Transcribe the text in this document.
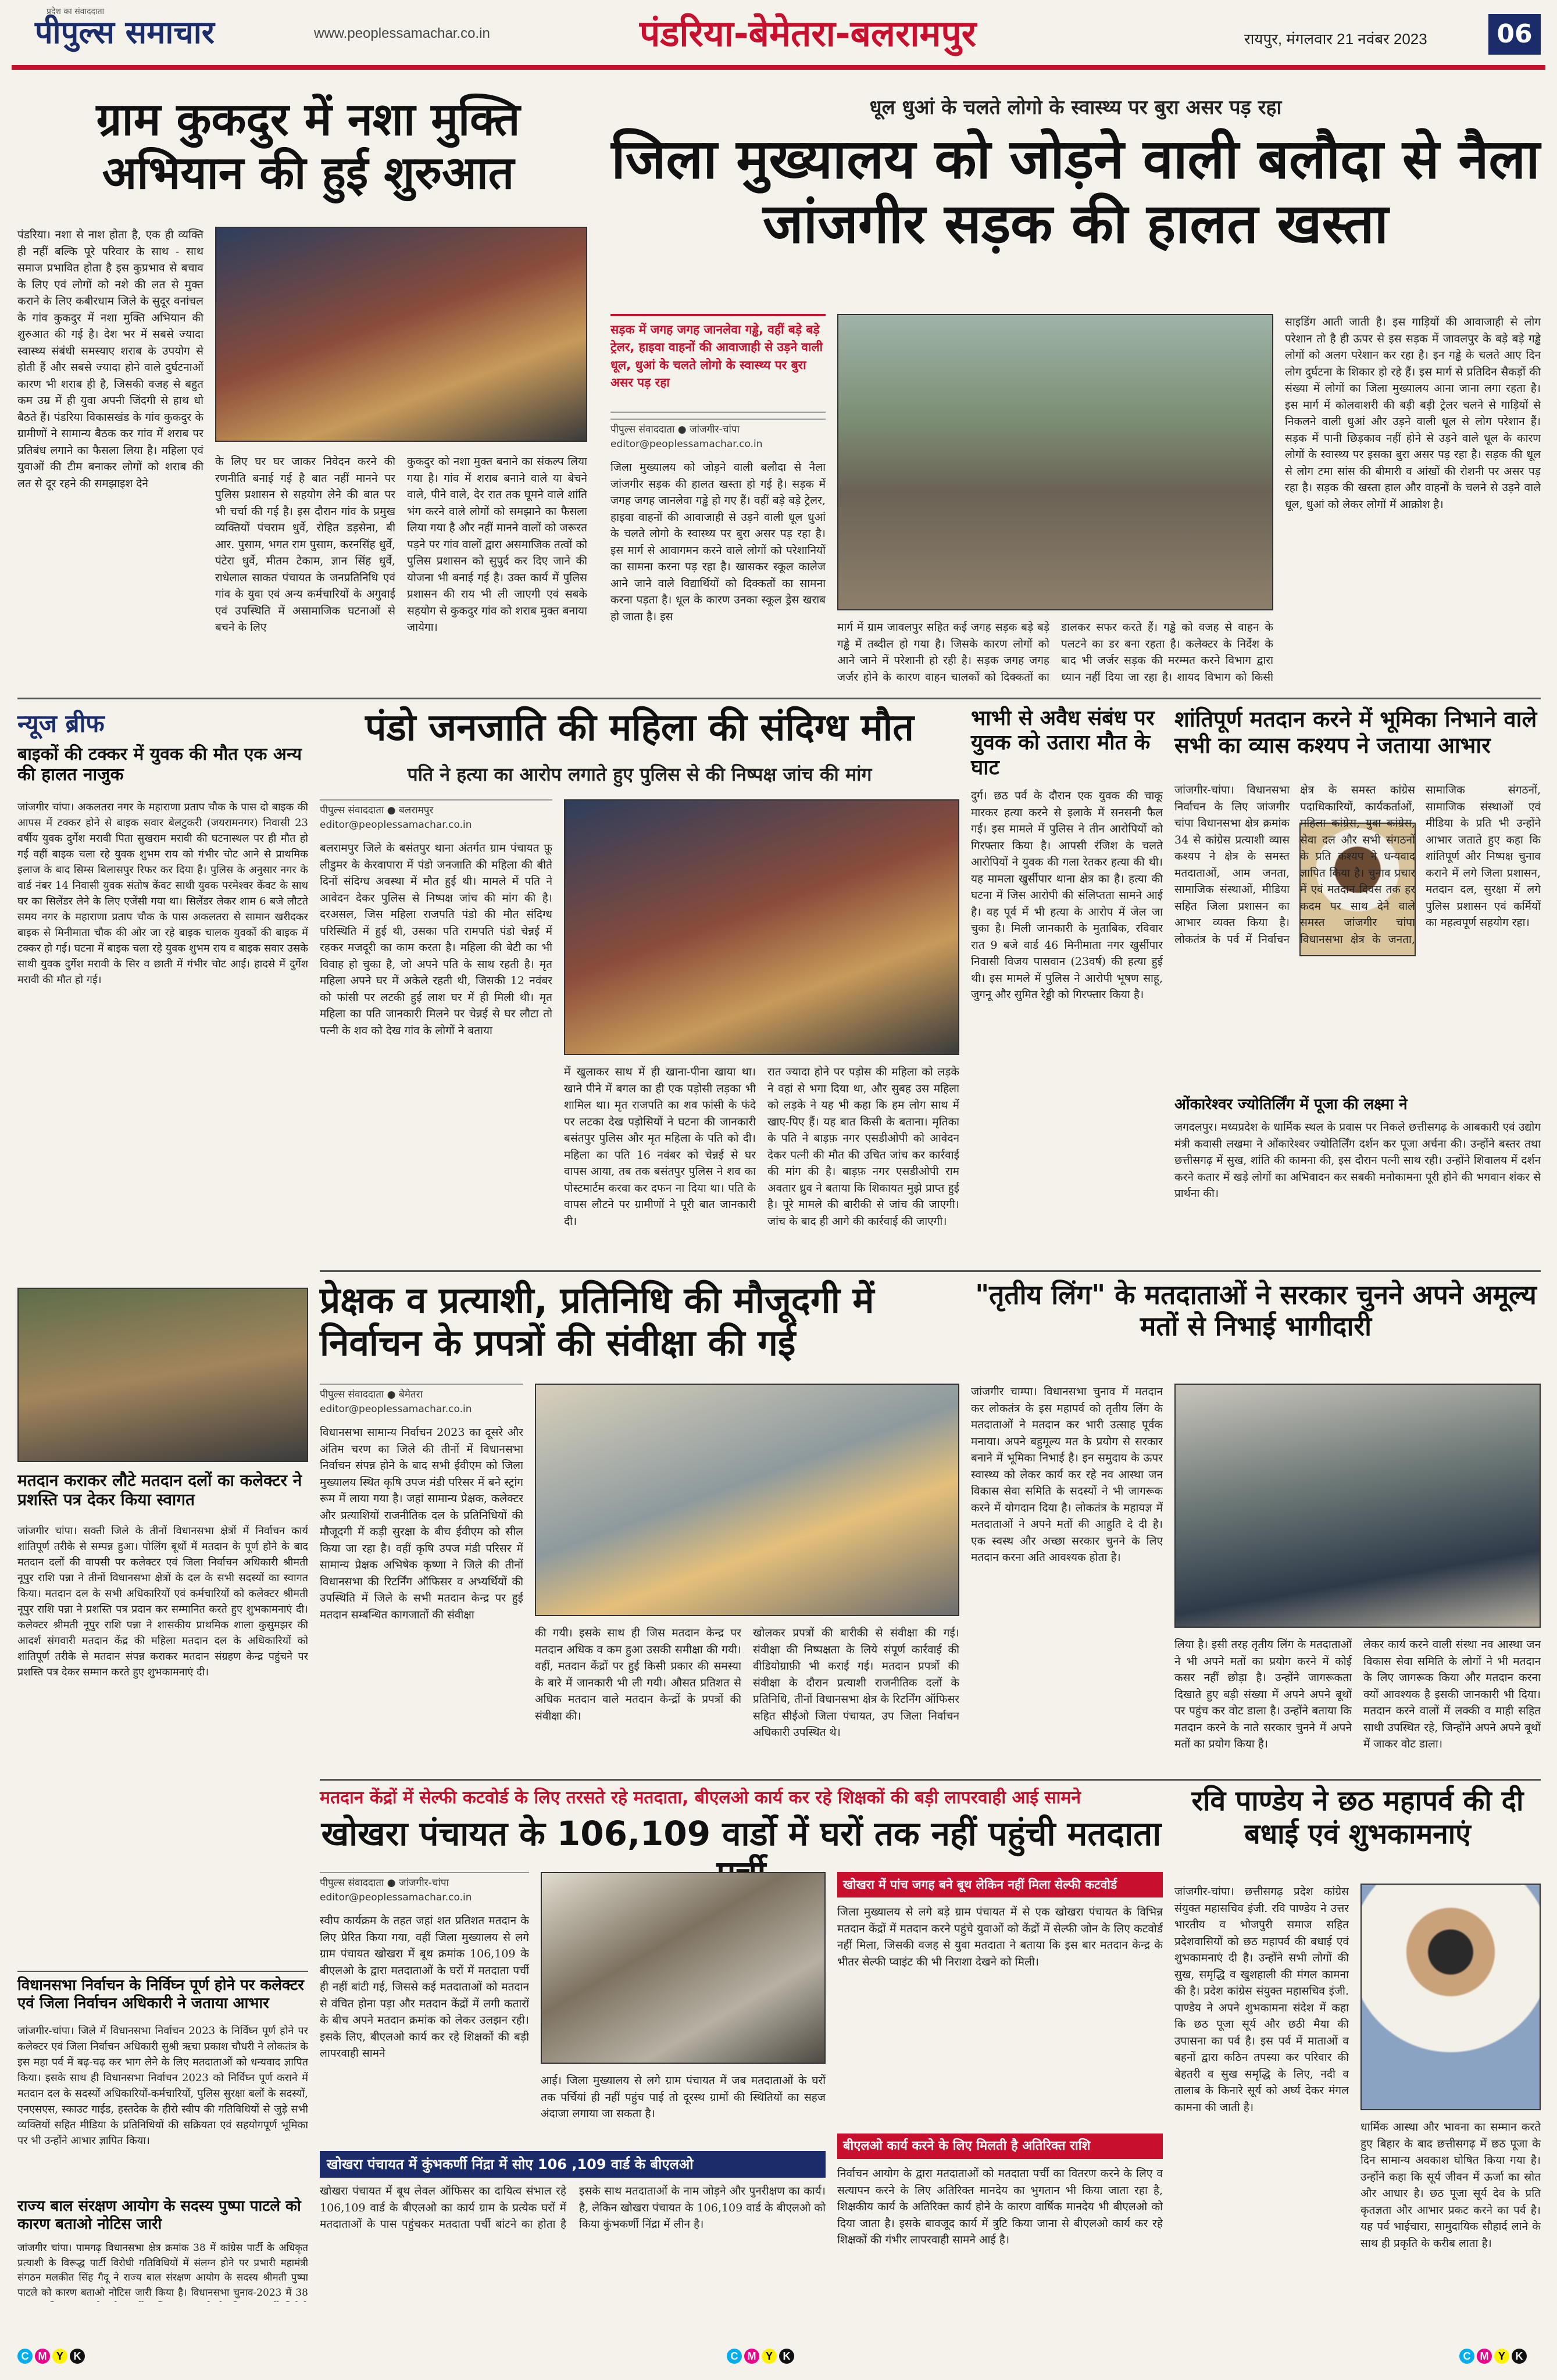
पीपुल्स समाचार
प्रदेश का संवाददाता
www.peoplessamachar.co.in	पंडरिया-बेमेतरा-बलरामपुर	रायपुर, मंगलवार 21 नवंबर 2023	06
ग्राम कुकदुर में नशा मुक्ति अभियान की हुई शुरुआत
पंडरिया। नशा से नाश होता है, एक ही व्यक्ति ही नहीं बल्कि पूरे परिवार के साथ - साथ समाज प्रभावित होता है इस कुप्रभाव से बचाव के लिए एवं लोगों को नशे की लत से मुक्त कराने के लिए कबीरधाम जिले के सुदूर वनांचल के गांव कुकदुर में नशा मुक्ति अभियान की शुरुआत की गई है। देश भर में सबसे ज्यादा स्वास्थ्य संबंधी समस्याए शराब के उपयोग से होती हैं और सबसे ज्यादा होने वाले दुर्घटनाओं कारण भी शराब ही है, जिसकी वजह से बहुत कम उम्र में ही युवा अपनी जिंदगी से हाथ धो बैठते हैं। पंडरिया विकासखंड के गांव कुकदुर के ग्रामीणों ने सामान्य बैठक कर गांव में शराब पर प्रतिबंध लगाने का फैसला लिया है। महिला एवं युवाओं की टीम बनाकर लोगों को शराब की लत से दूर रहने की समझाइश देने
के लिए घर घर जाकर निवेदन करने की रणनीति बनाई गई है बात नहीं मानने पर पुलिस प्रशासन से सहयोग लेने की बात पर भी चर्चा की गई है। इस दौरान गांव के प्रमुख व्यक्तियों पंचराम धुर्वे, रोहित डड़सेना, बी आर. पुसाम, भगत राम पुसाम, करनसिंह धुर्वे, पंटेरा धुर्वे, मीतम टेकाम, ज्ञान सिंह धुर्वे, राधेलाल साकत पंचायत के जनप्रतिनिधि एवं गांव के युवा एवं अन्य कर्मचारियों के अगुवाई एवं उपस्थिति में असामाजिक घटनाओं से बचने के लिए
कुकदुर को नशा मुक्त बनाने का संकल्प लिया गया है। गांव में शराब बनाने वाले या बेचने वाले, पीने वाले, देर रात तक घूमने वाले शांति भंग करने वाले लोगों को समझाने का फैसला लिया गया है और नहीं मानने वालों को जरूरत पड़ने पर गांव वालों द्वारा असमाजिक तत्वों को पुलिस प्रशासन को सुपुर्द कर दिए जाने की योजना भी बनाई गई है। उक्त कार्य में पुलिस प्रशासन की राय भी ली जाएगी एवं सबके सहयोग से कुकदुर गांव को शराब मुक्त बनाया जायेगा।
धूल धुआं के चलते लोगो के स्वास्थ्य पर बुरा असर पड़ रहा
जिला मुख्यालय को जोड़ने वाली बलौदा से नैला जांजगीर सड़क की हालत खस्ता
सड़क में जगह जगह जानलेवा गड्ढे, वहीं बड़े बड़े ट्रेलर, हाइवा वाहनों की आवाजाही से उड़ने वाली धूल, धुआं के चलते लोगो के स्वास्थ्य पर बुरा असर पड़ रहा
पीपुल्स संवाददाता ● जांजगीर-चांपा
editor@peoplessamachar.co.in
जिला मुख्यालय को जोड़ने वाली बलौदा से नैला जांजगीर सड़क की हालत खस्ता हो गई है। सड़क में जगह जगह जानलेवा गड्ढे हो गए हैं। वहीं बड़े बड़े ट्रेलर, हाइवा वाहनों की आवाजाही से उड़ने वाली धूल धुआं के चलते लोगो के स्वास्थ्य पर बुरा असर पड़ रहा है। इस मार्ग से आवागमन करने वाले लोगों को परेशानियों का सामना करना पड़ रहा है। खासकर स्कूल कालेज आने जाने वाले विद्यार्थियों को दिक्कतों का सामना करना पड़ता है। धूल के कारण उनका स्कूल ड्रेस खराब हो जाता है। इस
मार्ग में ग्राम जावलपुर सहित कई जगह सड़क बड़े बड़े गड्ढे में तब्दील हो गया है। जिसके कारण लोगों को आने जाने में परेशानी हो रही है। सड़क जगह जगह जर्जर होने के कारण वाहन चालकों को दिक्कतों का
डालकर सफर करते हैं। गड्ढे को वजह से वाहन के पलटने का डर बना रहता है। कलेक्टर के निर्देश के बाद भी जर्जर सड़क की मरम्मत करने विभाग द्वारा ध्यान नहीं दिया जा रहा है। शायद विभाग को किसी
साइडिंग आती जाती है। इस गाड़ियों की आवाजाही से लोग परेशान तो है ही ऊपर से इस सड़क में जावलपुर के बड़े बड़े गड्ढे लोगों को अलग परेशान कर रहा है। इन गड्ढे के चलते आए दिन लोग दुर्घटना के शिकार हो रहे हैं। इस मार्ग से प्रतिदिन सैकड़ों की संख्या में लोगों का जिला मुख्यालय आना जाना लगा रहता है। इस मार्ग में कोलवाशरी की बड़ी बड़ी ट्रेलर चलने से गाड़ियों से निकलने वाली धुआं और उड़ने वाली धूल से लोग परेशान हैं। सड़क में पानी छिड़काव नहीं होने से उड़ने वाले धूल के कारण लोगों के स्वास्थ्य पर इसका बुरा असर पड़ रहा है। सड़क की धूल से लोग टमा सांस की बीमारी व आंखों की रोशनी पर असर पड़ रहा है। सड़क की खस्ता हाल और वाहनों के चलने से उड़ने वाले धूल, धुआं को लेकर लोगों में आक्रोश है।
न्यूज ब्रीफ
बाइकों की टक्कर में युवक की मौत एक अन्य की हालत नाजुक
जांजगीर चांपा। अकलतरा नगर के महाराणा प्रताप चौक के पास दो बाइक की आपस में टक्कर होने से बाइक सवार बेलटुकरी (जयरामनगर) निवासी 23 वर्षीय युवक दुर्गेश मरावी पिता सुखराम मरावी की घटनास्थल पर ही मौत हो गई वहीं बाइक चला रहे युवक शुभम राय को गंभीर चोट आने से प्राथमिक इलाज के बाद सिम्स बिलासपुर रिफर कर दिया है। पुलिस के अनुसार नगर के वार्ड नंबर 14 निवासी युवक संतोष केंवट साथी युवक परमेश्वर केंवट के साथ घर का सिलेंडर लेने के लिए एजेंसी गया था। सिलेंडर लेकर शाम 6 बजे लौटते समय नगर के महाराणा प्रताप चौक के पास अकलतरा से सामान खरीदकर बाइक से मिनीमाता चौक की ओर जा रहे बाइक चालक युवकों की बाइक में टक्कर हो गई। घटना में बाइक चला रहे युवक शुभम राय व बाइक सवार उसके साथी युवक दुर्गेश मरावी के सिर व छाती में गंभीर चोट आई। हादसे में दुर्गेश मरावी की मौत हो गई।
मतदान कराकर लौटे मतदान दलों का कलेक्टर ने प्रशस्ति पत्र देकर किया स्वागत
जांजगीर चांपा। सक्ती जिले के तीनों विधानसभा क्षेत्रों में निर्वाचन कार्य शांतिपूर्ण तरीके से सम्पन्न हुआ। पोलिंग बूथों में मतदान के पूर्ण होने के बाद मतदान दलों की वापसी पर कलेक्टर एवं जिला निर्वाचन अधिकारी श्रीमती नूपुर राशि पन्ना ने तीनों विधानसभा क्षेत्रों के दल के सभी सदस्यों का स्वागत किया। मतदान दल के सभी अधिकारियों एवं कर्मचारियों को कलेक्टर श्रीमती नूपुर राशि पन्ना ने प्रशस्ति पत्र प्रदान कर सम्मानित करते हुए शुभकामनाएं दी। कलेक्टर श्रीमती नूपुर राशि पन्ना ने शासकीय प्राथमिक शाला कुसुमझर की आदर्श संगवारी मतदान केंद्र की महिला मतदान दल के अधिकारियों को शांतिपूर्ण तरीके से मतदान संपन्न कराकर मतदान संग्रहण केन्द्र पहुंचने पर प्रशस्ति पत्र देकर सम्मान करते हुए शुभकामनाएं दी।
विधानसभा निर्वाचन के निर्विघ्न पूर्ण होने पर कलेक्टर एवं जिला निर्वाचन अधिकारी ने जताया आभार
जांजगीर-चांपा। जिले में विधानसभा निर्वाचन 2023 के निर्विघ्न पूर्ण होने पर कलेक्टर एवं जिला निर्वाचन अधिकारी सुश्री ऋचा प्रकाश चौधरी ने लोकतंत्र के इस महा पर्व में बढ़-चढ़ कर भाग लेने के लिए मतदाताओं को धन्यवाद ज्ञापित किया। इसके साथ ही विधानसभा निर्वाचन 2023 को निर्विघ्न पूर्ण कराने में मतदान दल के सदस्यों अधिकारियों-कर्मचारियों, पुलिस सुरक्षा बलों के सदस्यों, एनएसएस, स्काउट गाईड, हस्तदेक के हीरो स्वीप की गतिविधियों से जुड़े सभी व्यक्तियों सहित मीडिया के प्रतिनिधियों की सक्रियता एवं सहयोगपूर्ण भूमिका पर भी उन्होंने आभार ज्ञापित किया।
राज्य बाल संरक्षण आयोग के सदस्य पुष्पा पाटले को कारण बताओ नोटिस जारी
जांजगीर चांपा। पामगढ़ विधानसभा क्षेत्र क्रमांक 38 में कांग्रेस पार्टी के अधिकृत प्रत्याशी के विरूद्ध पार्टी विरोधी गतिविधियों में संलग्न होने पर प्रभारी महामंत्री संगठन मलकीत सिंह गैदू ने राज्य बाल संरक्षण आयोग के सदस्य श्रीमती पुष्पा पाटले को कारण बताओ नोटिस जारी किया है। विधानसभा चुनाव-2023 में 38
पंडो जनजाति की महिला की संदिग्ध मौत
पति ने हत्या का आरोप लगाते हुए पुलिस से की निष्पक्ष जांच की मांग
पीपुल्स संवाददाता ● बलरामपुर
editor@peoplessamachar.co.in
बलरामपुर जिले के बसंतपुर थाना अंतर्गत ग्राम पंचायत फ़ू लीडुमर के केरवापारा में पंडो जनजाति की महिला की बीते दिनों संदिग्ध अवस्था में मौत हुई थी। मामले में पति ने आवेदन देकर पुलिस से निष्पक्ष जांच की मांग की है। दरअसल, जिस महिला राजपति पंडो की मौत संदिग्ध परिस्थिति में हुई थी, उसका पति रामपति पंडो चेन्नई में रहकर मजदूरी का काम करता है। महिला की बेटी का भी विवाह हो चुका है, जो अपने पति के साथ रहती है। मृत महिला अपने घर में अकेले रहती थी, जिसकी 12 नवंबर को फांसी पर लटकी हुई लाश घर में ही मिली थी। मृत महिला का पति जानकारी मिलने पर चेन्नई से घर लौटा तो पत्नी के शव को देख गांव के लोगों ने बताया
में खुलाकर साथ में ही खाना-पीना खाया था। खाने पीने में बगल का ही एक पड़ोसी लड़का भी शामिल था। मृत राजपति का शव फांसी के फंदे पर लटका देख पड़ोसियों ने घटना की जानकारी बसंतपुर पुलिस और मृत महिला के पति को दी। महिला का पति 16 नवंबर को चेन्नई से घर वापस आया, तब तक बसंतपुर पुलिस ने शव का पोस्टमार्टम करवा कर दफन ना दिया था। पति के वापस लौटने पर ग्रामीणों ने पूरी बात जानकारी दी।
रात ज्यादा होने पर पड़ोस की महिला को लड़के ने वहां से भगा दिया था, और सुबह उस महिला को लड़के ने यह भी कहा कि हम लोग साथ में खाए-पिए हैं। यह बात किसी के बताना। मृतिका के पति ने बाड़फ़ नगर एसडीओपी को आवेदन देकर पत्नी की मौत की उचित जांच कर कार्रवाई की मांग की है। बाड़फ़ नगर एसडीओपी राम अवतार ध्रुव ने बताया कि शिकायत मुझे प्राप्त हुई है। पूरे मामले की बारीकी से जांच की जाएगी। जांच के बाद ही आगे की कार्रवाई की जाएगी।
भाभी से अवैध संबंध पर युवक को उतारा मौत के घाट
दुर्ग। छठ पर्व के दौरान एक युवक की चाकू मारकर हत्या करने से इलाके में सनसनी फैल गई। इस मामले में पुलिस ने तीन आरोपियों को गिरफ्तार किया है। आपसी रंजिश के चलते आरोपियों ने युवक की गला रेतकर हत्या की थी। यह मामला खुर्सीपार थाना क्षेत्र का है। हत्या की घटना में जिस आरोपी की संलिप्तता सामने आई है। वह पूर्व में भी हत्या के आरोप में जेल जा चुका है। मिली जानकारी के मुताबिक, रविवार रात 9 बजे वार्ड 46 मिनीमाता नगर खुर्सीपार निवासी विजय पासवान (23वर्ष) की हत्या हुई थी। इस मामले में पुलिस ने आरोपी भूषण साहू, जुगनू और सुमित रेड्डी को गिरफ्तार किया है।
शांतिपूर्ण मतदान करने में भूमिका निभाने वाले सभी का व्यास कश्यप ने जताया आभार
जांजगीर-चांपा। विधानसभा निर्वाचन के लिए जांजगीर चांपा विधानसभा क्षेत्र क्रमांक 34 से कांग्रेस प्रत्याशी व्यास कश्यप ने क्षेत्र के समस्त मतदाताओं, आम जनता, सामाजिक संस्थाओं, मीडिया सहित जिला प्रशासन का आभार व्यक्त किया है। लोकतंत्र के पर्व में निर्वाचन क्षेत्र के समस्त कांग्रेस पदाधिकारियों, कार्यकर्ताओं, महिला कांग्रेस, युवा कांग्रेस, सेवा दल और सभी संगठनों के प्रति कश्यप ने धन्यवाद ज्ञापित किया है। चुनाव प्रचार में एवं मतदान दिवस तक हर कदम पर साथ देने वाले समस्त जांजगीर चांपा विधानसभा क्षेत्र के जनता, सामाजिक संगठनों, सामाजिक संस्थाओं एवं मीडिया के प्रति भी उन्होंने आभार जताते हुए कहा कि शांतिपूर्ण और निष्पक्ष चुनाव कराने में लगे जिला प्रशासन, मतदान दल, सुरक्षा में लगे पुलिस प्रशासन एवं कर्मियों का महत्वपूर्ण सहयोग रहा।
ओंकारेश्वर ज्योतिर्लिंग में पूजा की लक्ष्मा ने
जगदलपुर। मध्यप्रदेश के धार्मिक स्थल के प्रवास पर निकले छत्तीसगढ़ के आबकारी एवं उद्योग मंत्री कवासी लखमा ने ओंकारेश्वर ज्योतिर्लिंग दर्शन कर पूजा अर्चना की। उन्होंने बस्तर तथा छत्तीसगढ़ में सुख, शांति की कामना की, इस दौरान पत्नी साथ रही। उन्होंने शिवालय में दर्शन करने कतार में खड़े लोगों का अभिवादन कर सबकी मनोकामना पूरी होने की भगवान शंकर से प्रार्थना की।
प्रेक्षक व प्रत्याशी, प्रतिनिधि की मौजूदगी में निर्वाचन के प्रपत्रों की संवीक्षा की गई
पीपुल्स संवाददाता ● बेमेतरा
editor@peoplessamachar.co.in
विधानसभा सामान्य निर्वाचन 2023 का दूसरे और अंतिम चरण का जिले की तीनों में विधानसभा निर्वाचन संपन्न होने के बाद सभी ईवीएम को जिला मुख्यालय स्थित कृषि उपज मंडी परिसर में बने स्ट्रांग रूम में लाया गया है। जहां सामान्य प्रेक्षक, कलेक्टर और प्रत्याशियों राजनीतिक दल के प्रतिनिधियों की मौजूदगी में कड़ी सुरक्षा के बीच ईवीएम को सील किया जा रहा है। वहीं कृषि उपज मंडी परिसर में सामान्य प्रेक्षक अभिषेक कृष्णा ने जिले की तीनों विधानसभा की रिटर्निंग ऑफिसर व अभ्यर्थियों की उपस्थिति में जिले के सभी मतदान केन्द्र पर हुई मतदान सम्बन्धित कागजातों की संवीक्षा
की गयी। इसके साथ ही जिस मतदान केन्द्र पर मतदान अधिक व कम हुआ उसकी समीक्षा की गयी। वहीं, मतदान केंद्रों पर हुई किसी प्रकार की समस्या के बारे में जानकारी भी ली गयी। औसत प्रतिशत से अधिक मतदान वाले मतदान केन्द्रों के प्रपत्रों की संवीक्षा की।
खोलकर प्रपत्रों की बारीकी से संवीक्षा की गई। संवीक्षा की निष्पक्षता के लिये संपूर्ण कार्रवाई की वीडियोग्राफ़ी भी कराई गई। मतदान प्रपत्रों की संवीक्षा के दौरान प्रत्याशी राजनीतिक दलों के प्रतिनिधि, तीनों विधानसभा क्षेत्र के रिटर्निंग ऑफिसर सहित सीईओ जिला पंचायत, उप जिला निर्वाचन अधिकारी उपस्थित थे।
"तृतीय लिंग" के मतदाताओं ने सरकार चुनने अपने अमूल्य मतों से निभाई भागीदारी
जांजगीर चाम्पा। विधानसभा चुनाव में मतदान कर लोकतंत्र के इस महापर्व को तृतीय लिंग के मतदाताओं ने मतदान कर भारी उत्साह पूर्वक मनाया। अपने बहुमूल्य मत के प्रयोग से सरकार बनाने में भूमिका निभाई है। इन समुदाय के ऊपर स्वास्थ्य को लेकर कार्य कर रहे नव आस्था जन विकास सेवा समिति के सदस्यों ने भी जागरूक करने में योगदान दिया है। लोकतंत्र के महायज्ञ में मतदाताओं ने अपने मतों की आहुति दे दी है। एक स्वस्थ और अच्छा सरकार चुनने के लिए मतदान करना अति आवश्यक होता है।
लिया है। इसी तरह तृतीय लिंग के मतदाताओं ने भी अपने मतों का प्रयोग करने में कोई कसर नहीं छोड़ा है। उन्होंने जागरूकता दिखाते हुए बड़ी संख्या में अपने अपने बूथों पर पहुंच कर वोट डाला है। उन्होंने बताया कि मतदान करने के नाते सरकार चुनने में अपने मतों का प्रयोग किया है।
लेकर कार्य करने वाली संस्था नव आस्था जन विकास सेवा समिति के लोगों ने भी मतदान के लिए जागरूक किया और मतदान करना क्यों आवश्यक है इसकी जानकारी भी दिया। मतदान करने वालों में लक्की व माही सहित साथी उपस्थित रहे, जिन्होंने अपने अपने बूथों में जाकर वोट डाला।
मतदान केंद्रों में सेल्फी कटवोर्ड के लिए तरसते रहे मतदाता, बीएलओ कार्य कर रहे शिक्षकों की बड़ी लापरवाही आई सामने
खोखरा पंचायत के 106,109 वार्डो में घरों तक नहीं पहुंची मतदाता
पीपुल्स संवाददाता ● जांजगीर-चांपा
editor@peoplessamachar.co.in
स्वीप कार्यक्रम के तहत जहां शत प्रतिशत मतदान के लिए प्रेरित किया गया, वहीं जिला मुख्यालय से लगे ग्राम पंचायत खोखरा में बूथ क्रमांक 106,109 के बीएलओ के द्वारा मतदाताओं के घरों में मतदाता पर्ची ही नहीं बांटी गई, जिससे कई मतदाताओं को मतदान से वंचित होना पड़ा और मतदान केंद्रों में लगी कतारों के बीच अपने मतदान क्रमांक को लेकर उलझन रही। इसके लिए, बीएलओ कार्य कर रहे शिक्षकों की बड़ी लापरवाही सामने
आई। जिला मुख्यालय से लगे ग्राम पंचायत में जब मतदाताओं के घरों तक पर्चियां ही नहीं पहुंच पाई तो दूरस्थ ग्रामों की स्थितियों का सहज अंदाजा लगाया जा सकता है।
खोखरा पंचायत में कुंभकर्णी निंद्रा में सोए 106 ,109 वार्ड के बीएलओ
खोखरा पंचायत में बूथ लेवल ऑफिसर का दायित्व संभाल रहे 106,109 वार्ड के बीएलओ का कार्य ग्राम के प्रत्येक घरों में मतदाताओं के पास पहुंचकर मतदाता पर्ची बांटने का होता है इसके साथ मतदाताओं के नाम जोड़ने और पुनरीक्षण का कार्य। है, लेकिन खोखरा पंचायत के 106,109 वार्ड के बीएलओ को किया कुंभकर्णी निंद्रा में लीन है।
खोखरा में पांच जगह बने बूथ लेकिन नहीं मिला सेल्फी कटवोर्ड
जिला मुख्यालय से लगे बड़े ग्राम पंचायत में से एक खोखरा पंचायत के विभिन्न मतदान केंद्रों में मतदान करने पहुंचे युवाओं को केंद्रों में सेल्फी जोन के लिए कटवोर्ड नहीं मिला, जिसकी वजह से युवा मतदाता ने बताया कि इस बार मतदान केन्द्र के भीतर सेल्फी प्वाइंट की भी निराशा देखने को मिली।
बीएलओ कार्य करने के लिए मिलती है अतिरिक्त राशि
निर्वाचन आयोग के द्वारा मतदाताओं को मतदाता पर्ची का वितरण करने के लिए व सत्यापन करने के लिए अतिरिक्त मानदेय का भुगतान भी किया जाता रहा है, शिक्षकीय कार्य के अतिरिक्त कार्य होने के कारण वार्षिक मानदेय भी बीएलओ को दिया जाता है। इसके बावजूद कार्य में त्रुटि किया जाना से बीएलओ कार्य कर रहे शिक्षकों की गंभीर लापरवाही सामने आई है।
रवि पाण्डेय ने छठ महापर्व की दी बधाई एवं शुभकामनाएं
जांजगीर-चांपा। छत्तीसगढ़ प्रदेश कांग्रेस संयुक्त महासचिव इंजी. रवि पाण्डेय ने उत्तर भारतीय व भोजपुरी समाज सहित प्रदेशवासियों को छठ महापर्व की बधाई एवं शुभकामनाएं दी है। उन्होंने सभी लोगों की सुख, समृद्धि व खुशहाली की मंगल कामना की है। प्रदेश कांग्रेस संयुक्त महासचिव इंजी. पाण्डेय ने अपने शुभकामना संदेश में कहा कि छठ पूजा सूर्य और छठी मैया की उपासना का पर्व है। इस पर्व में माताओं व बहनों द्वारा कठिन तपस्या कर परिवार की बेहतरी व सुख समृद्धि के लिए, नदी व तालाब के किनारे सूर्य को अर्घ्य देकर मंगल कामना की जाती है।
धार्मिक आस्था और भावना का सम्मान करते हुए बिहार के बाद छत्तीसगढ़ में छठ पूजा के दिन सामान्य अवकाश घोषित किया गया है। उन्होंने कहा कि सूर्य जीवन में ऊर्जा का स्रोत और आधार है। छठ पूजा सूर्य देव के प्रति कृतज्ञता और आभार प्रकट करने का पर्व है। यह पर्व भाईचारा, सामुदायिक सौहार्द लाने के साथ ही प्रकृति के करीब लाता है।
C M Y K	C M Y K	C M Y K
